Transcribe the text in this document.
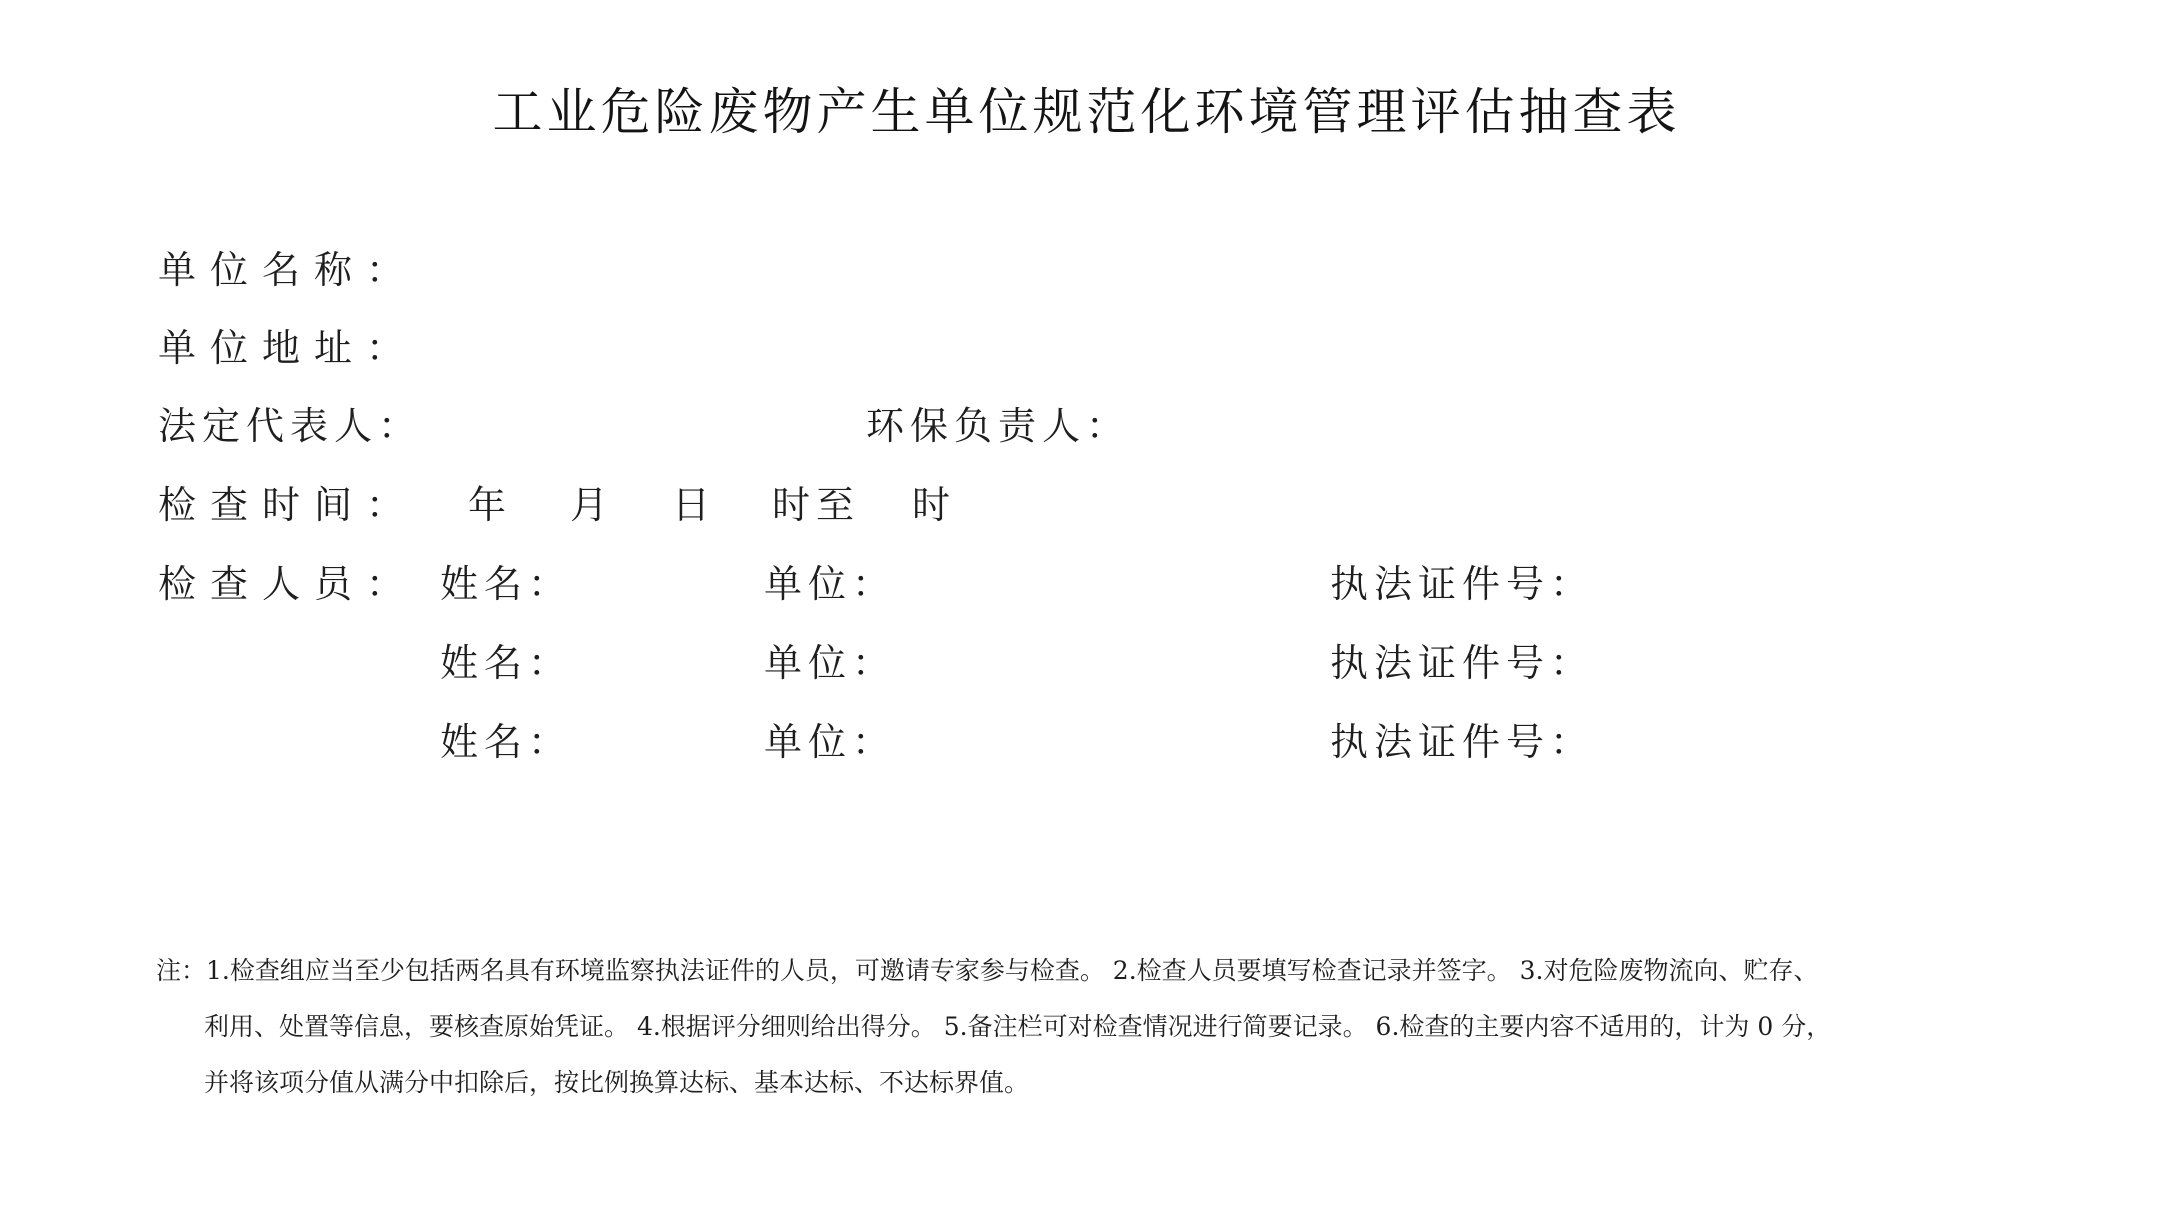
工业危险废物产生单位规范化环境管理评估抽查表
单位名称：
单位地址：
法定代表人：	环保负责人：
检查时间： 年 月 日 时至 时
检查人员： 姓名：	单位：	执法证件号：
姓名：	单位：	执法证件号：
姓名：	单位：	执法证件号：
注：1.检查组应当至少包括两名具有环境监察执法证件的人员，可邀请专家参与检查。 2.检查人员要填写检查记录并签字。 3.对危险废物流向、贮存、
利用、处置等信息，要核查原始凭证。 4.根据评分细则给出得分。 5.备注栏可对检查情况进行简要记录。 6.检查的主要内容不适用的，计为 0 分，
并将该项分值从满分中扣除后，按比例换算达标、基本达标、不达标界值。
